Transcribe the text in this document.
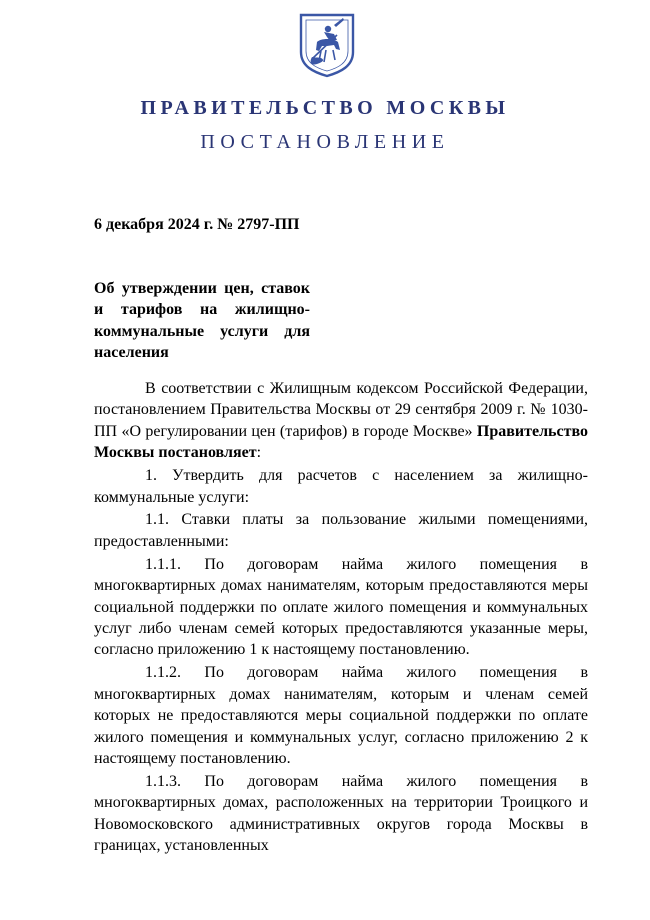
ПРАВИТЕЛЬСТВО МОСКВЫ
ПОСТАНОВЛЕНИЕ
6 декабря 2024 г. № 2797-ПП
Об утверждении цен, ставок и тарифов на жилищно-коммунальные услуги для населения

В соответствии с Жилищным кодексом Российской Федерации, постановлением Правительства Москвы от 29 сентября 2009 г. № 1030-ПП «О регулировании цен (тарифов) в городе Москве» Правительство Москвы постановляет:

1. Утвердить для расчетов с населением за жилищно-коммунальные услуги:

1.1. Ставки платы за пользование жилыми помещениями, предоставленными:

1.1.1. По договорам найма жилого помещения в многоквартирных домах нанимателям, которым предоставляются меры социальной поддержки по оплате жилого помещения и коммунальных услуг либо членам семей которых предоставляются указанные меры, согласно приложению 1 к настоящему постановлению.

1.1.2. По договорам найма жилого помещения в многоквартирных домах нанимателям, которым и членам семей которых не предоставляются меры социальной поддержки по оплате жилого помещения и коммунальных услуг, согласно приложению 2 к настоящему постановлению.

1.1.3. По договорам найма жилого помещения в многоквартирных домах, расположенных на территории Троицкого и Новомосковского административных округов города Москвы в границах, установленных
